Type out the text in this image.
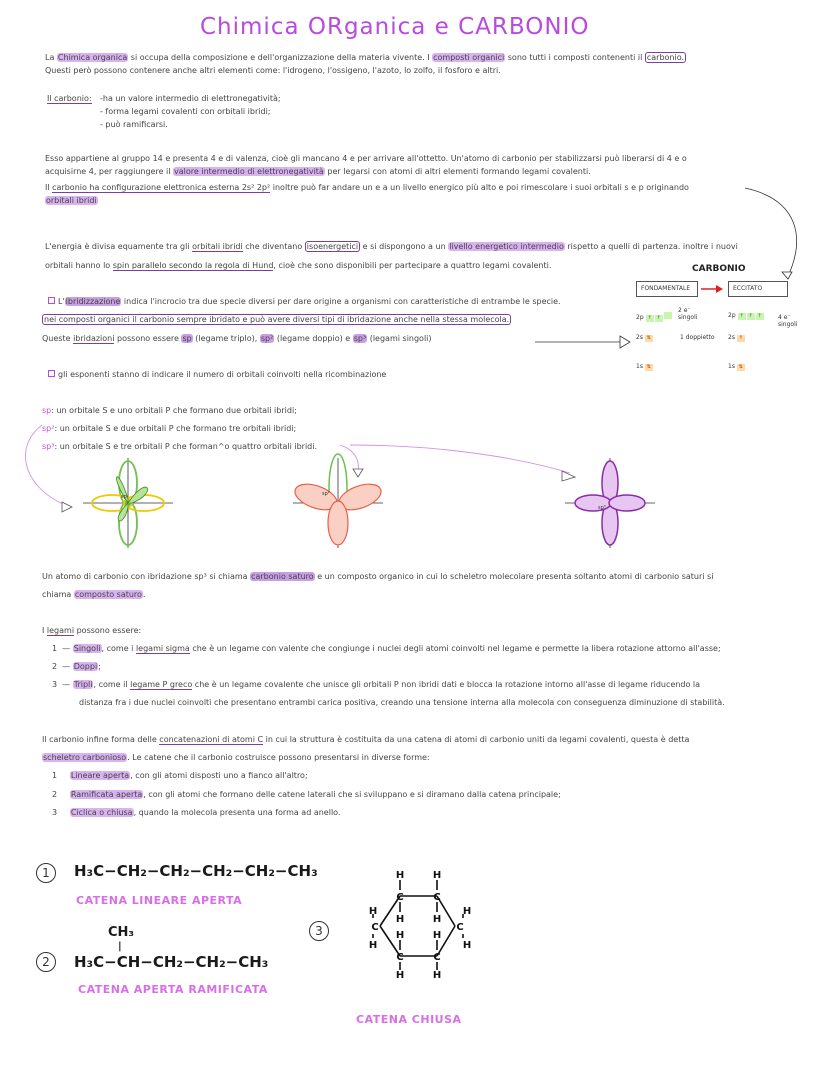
Chimica ORganica e CARBONIO
La Chimica organica si occupa della composizione e dell'organizzazione della materia vivente. I composti organici sono tutti i composti contenenti il carbonio.
Questi però possono contenere anche altri elementi come: l'idrogeno, l'ossigeno, l'azoto, lo zolfo, il fosforo e altri.
Il carbonio: -ha un valore intermedio di elettronegatività;
- forma legami covalenti con orbitali ibridi;
- può ramificarsi.
Esso appartiene al gruppo 14 e presenta 4 e di valenza, cioè gli mancano 4 e per arrivare all'ottetto. Un'atomo di carbonio per stabilizzarsi può liberarsi di 4 e o
acquisirne 4, per raggiungere il valore intermedio di elettronegatività per legarsi con atomi di altri elementi formando legami covalenti.
Il carbonio ha configurazione elettronica esterna 2s² 2p² inoltre può far andare un e a un livello energico più alto e poi rimescolare i suoi orbitali s e p originando
orbitali ibridi
L'energia è divisa equamente tra gli orbitali ibridi che diventano isoenergetici e si dispongono a un livello energetico intermedio rispetto a quelli di partenza. inoltre i nuovi
orbitali hanno lo spin parallelo secondo la regola di Hund, cioè che sono disponibili per partecipare a quattro legami covalenti.
L'ibridizzazione indica l'incrocio tra due specie diversi per dare origine a organismi con caratteristiche di entrambe le specie.
nei composti organici il carbonio sempre ibridato e può avere diversi tipi di ibridazione anche nella stessa molecola.
Queste ibridazioni possono essere sp (legame triplo), sp² (legame doppio) e sp³ (legami singoli)
gli esponenti stanno di indicare il numero di orbitali coinvolti nella ricombinazione
CARBONIO
FONDAMENTALE	ECCITATO
2p ↑ ↑
2 e⁻ singoli	2p ↑ ↑ ↑	4 e⁻ singoli
2s ⇅	1 doppietto 2s ↑
1s ⇅	1s ⇅
sp: un orbitale S e uno orbitali P che formano due orbitali ibridi;
sp²: un orbitale S e due orbitali P che formano tre orbitali ibridi;
sp³: un orbitale S e tre orbitali P che forman^o quattro orbitali ibridi.
sp	sp²
sp³
Un atomo di carbonio con ibridazione sp³ si chiama carbonio saturo e un composto organico in cui lo scheletro molecolare presenta soltanto atomi di carbonio saturi si
chiama composto saturo.
I legami possono essere:
1  — Singoli, come i legami sigma che è un legame con valente che congiunge i nuclei degli atomi coinvolti nel legame e permette la libera rotazione attorno all'asse;
2  — Doppi;
3  — Tripli, come il legame P greco che è un legame covalente che unisce gli orbitali P non ibridi dati e blocca la rotazione intorno all'asse di legame riducendo la
distanza fra i due nuclei coinvolti che presentano entrambi carica positiva, creando una tensione interna alla molecola con conseguenza diminuzione di stabilità.
Il carbonio infine forma delle concatenazioni di atomi C in cui la struttura è costituita da una catena di atomi di carbonio uniti da legami covalenti, questa è detta
scheletro carbonioso. Le catene che il carbonio costruisce possono presentarsi in diverse forme:
1 Lineare aperta, con gli atomi disposti uno a fianco all'altro;
2 Ramificata aperta, con gli atomi che formano delle catene laterali che si sviluppano e si diramano dalla catena principale;
3 Ciclica o chiusa, quando la molecola presenta una forma ad anello.
1	H₃C−CH₂−CH₂−CH₂−CH₂−CH₃
CATENA LINEARE APERTA
CH₃
|
2	H₃C−CH−CH₂−CH₂−CH₃
CATENA APERTA RAMIFICATA
3
C	C
C
C
C
C
H	H
H	H
H	H
H	H
H
H
H
H
CATENA CHIUSA
